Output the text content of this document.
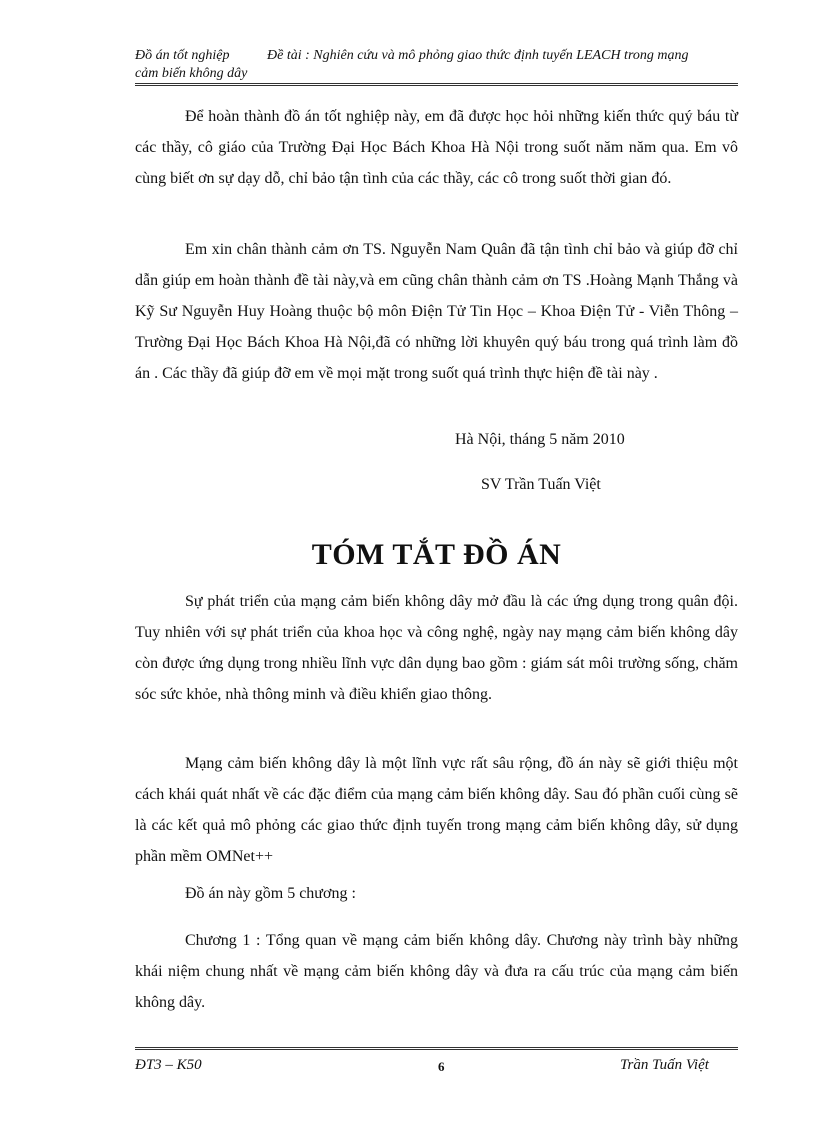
Đồ án tốt nghiệp	Đề tài : Nghiên cứu và mô phỏng giao thức định tuyến LEACH trong mạng
cảm biến không dây

Để hoàn thành đồ án tốt nghiệp này, em đã được học hỏi những kiến thức quý báu từ các thầy, cô giáo của Trường Đại Học Bách Khoa Hà Nội trong suốt năm năm qua. Em vô cùng biết ơn sự dạy dỗ, chỉ bảo tận tình của các thầy, các cô trong suốt thời gian đó.

Em xin chân thành cảm ơn TS. Nguyễn Nam Quân đã tận tình chỉ bảo và giúp đỡ chỉ dẫn giúp em hoàn thành đề tài này,và em cũng chân thành cảm ơn TS .Hoàng Mạnh Thắng và Kỹ Sư Nguyễn Huy Hoàng thuộc bộ môn Điện Tử Tin Học – Khoa Điện Tử - Viễn Thông – Trường Đại Học Bách Khoa Hà Nội,đã có những lời khuyên quý báu trong quá trình làm đồ án . Các thầy đã giúp đỡ em về mọi mặt trong suốt quá trình thực hiện đề tài này .

Hà Nội, tháng 5 năm 2010
SV Trần Tuấn Việt
TÓM TẮT ĐỒ ÁN

Sự phát triển của mạng cảm biến không dây mở đầu là các ứng dụng trong quân đội. Tuy nhiên với sự phát triển của khoa học và công nghệ, ngày nay mạng cảm biến không dây còn được ứng dụng trong nhiều lĩnh vực dân dụng bao gồm : giám sát môi trường sống, chăm sóc sức khỏe, nhà thông minh và điều khiển giao thông.

Mạng cảm biến không dây là một lĩnh vực rất sâu rộng, đồ án này sẽ giới thiệu một cách khái quát nhất về các đặc điểm của mạng cảm biến không dây. Sau đó phần cuối cùng sẽ là các kết quả mô phỏng các giao thức định tuyến trong mạng cảm biến không dây, sử dụng phần mềm OMNet++

Đồ án này gồm 5 chương :

Chương 1 : Tổng quan về mạng cảm biến không dây. Chương này trình bày những khái niệm chung nhất về mạng cảm biến không dây và đưa ra cấu trúc của mạng cảm biến không dây.

ĐT3 – K50	6	Trần Tuấn Việt
